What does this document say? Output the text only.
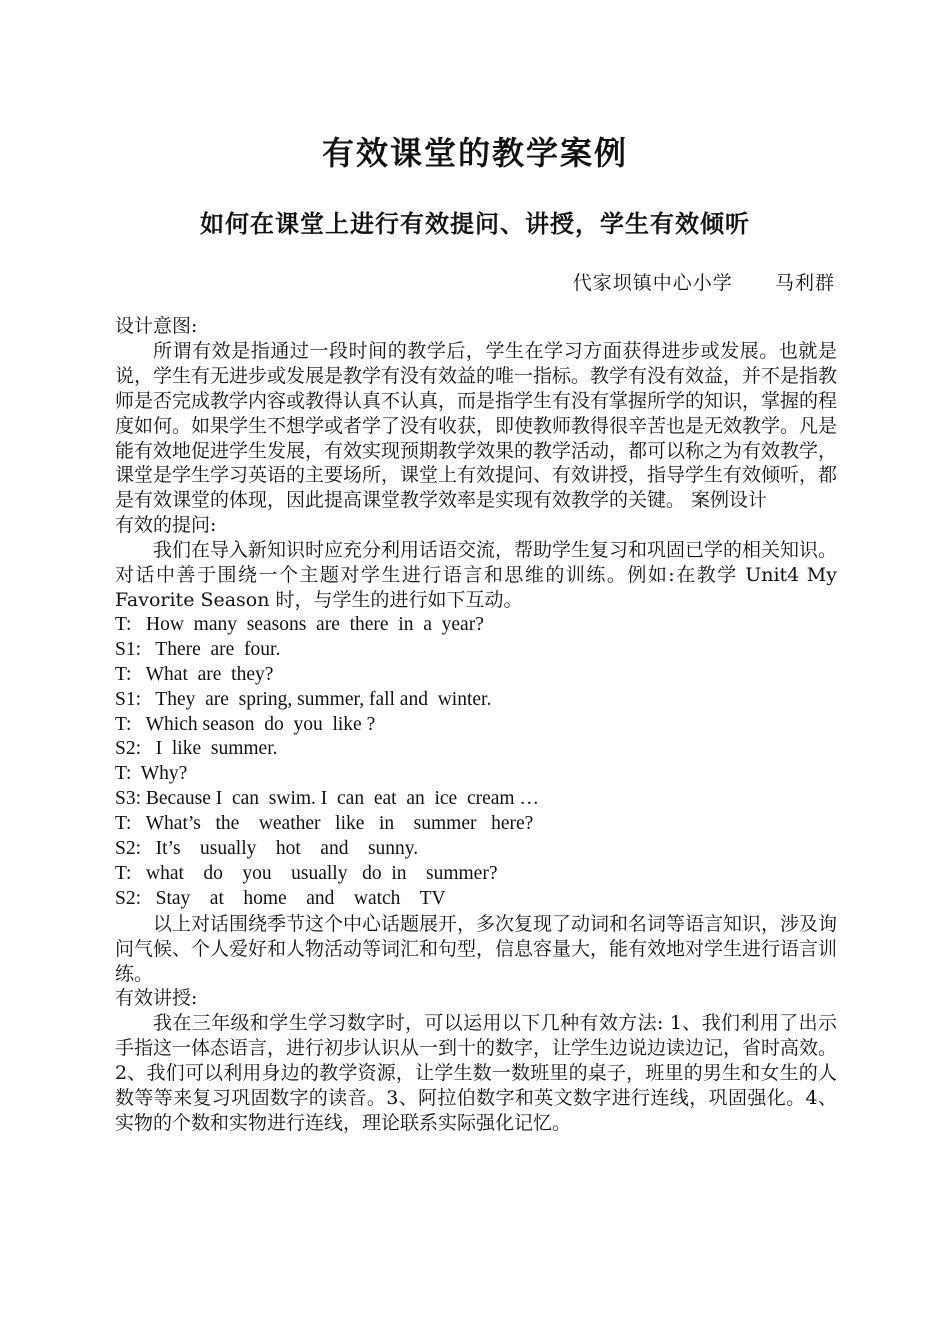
有效课堂的教学案例
如何在课堂上进行有效提问、讲授，学生有效倾听
代家坝镇中心小学      马利群

设计意图:

所谓有效是指通过一段时间的教学后，学生在学习方面获得进步或发展。也就是说，学生有无进步或发展是教学有没有效益的唯一指标。教学有没有效益，并不是指教师是否完成教学内容或教得认真不认真，而是指学生有没有掌握所学的知识，掌握的程度如何。如果学生不想学或者学了没有收获，即使教师教得很辛苦也是无效教学。凡是能有效地促进学生发展，有效实现预期教学效果的教学活动，都可以称之为有效教学，课堂是学生学习英语的主要场所，课堂上有效提问、有效讲授，指导学生有效倾听，都是有效课堂的体现，因此提高课堂教学效率是实现有效教学的关键。 案例设计

有效的提问:

我们在导入新知识时应充分利用话语交流，帮助学生复习和巩固已学的相关知识。对话中善于围绕一个主题对学生进行语言和思维的训练。例如:在教学 Unit4 My Favorite Season 时，与学生的进行如下互动。

T:   How  many  seasons  are  there  in  a  year?
S1:   There  are  four.
T:   What  are  they?
S1:   They  are  spring, summer, fall and  winter.
T:   Which season  do  you  like ?
S2:   I  like  summer.
T:  Why?
S3: Because I  can  swim. I  can  eat  an  ice  cream …
T:   What’s   the    weather   like   in    summer   here?
S2:   It’s    usually    hot    and    sunny.
T:   what    do    you    usually   do  in    summer?
S2:   Stay    at    home    and    watch    TV

以上对话围绕季节这个中心话题展开，多次复现了动词和名词等语言知识，涉及询问气候、个人爱好和人物活动等词汇和句型，信息容量大，能有效地对学生进行语言训练。

有效讲授:

我在三年级和学生学习数字时，可以运用以下几种有效方法: 1、我们利用了出示手指这一体态语言，进行初步认识从一到十的数字，让学生边说边读边记，省时高效。2、我们可以利用身边的教学资源，让学生数一数班里的桌子，班里的男生和女生的人数等等来复习巩固数字的读音。3、阿拉伯数字和英文数字进行连线，巩固强化。4、实物的个数和实物进行连线，理论联系实际强化记忆。
